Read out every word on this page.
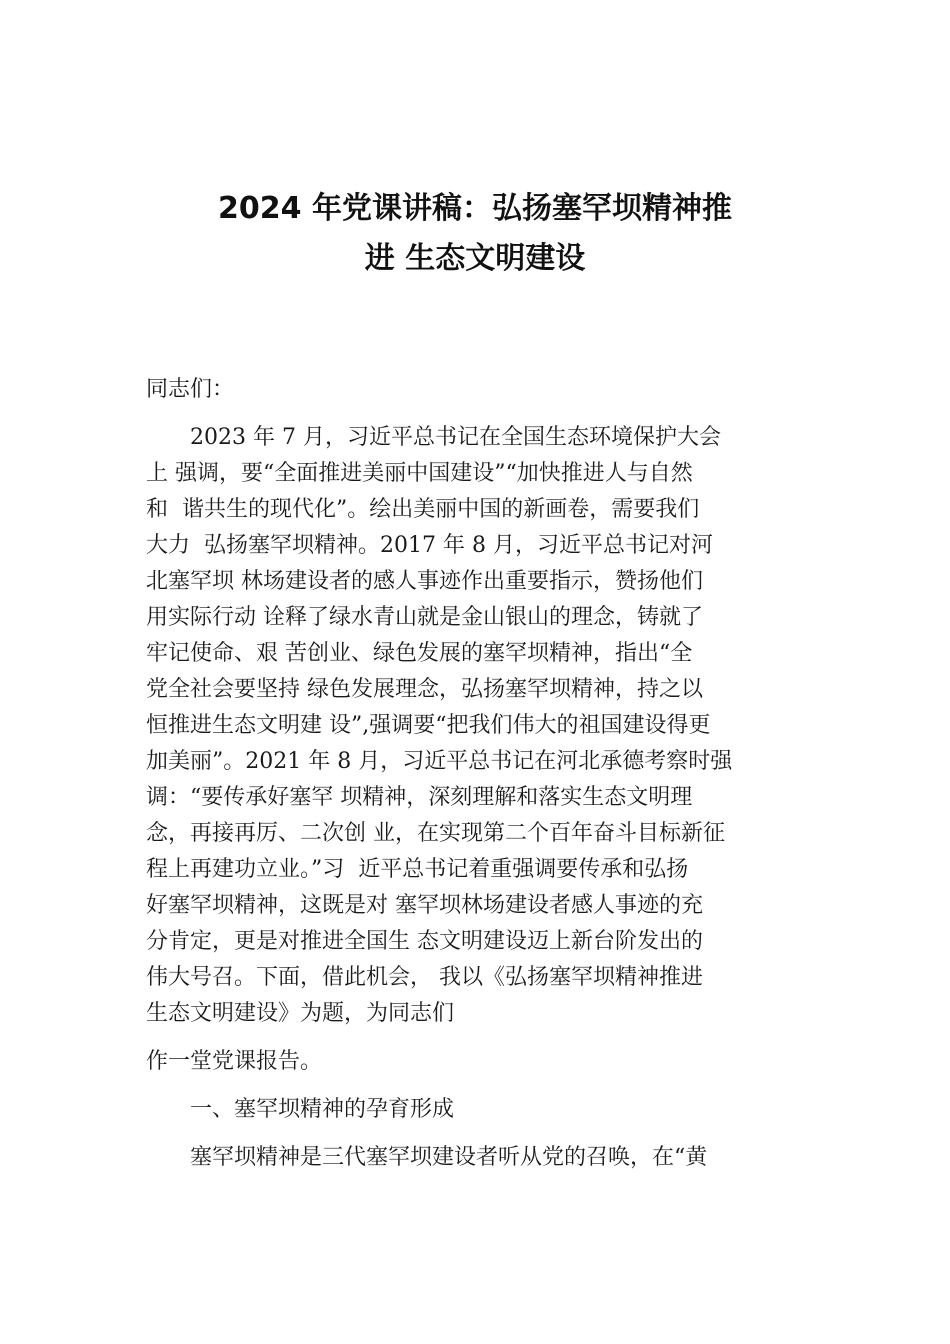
2024 年党课讲稿：弘扬塞罕坝精神推
进 生态文明建设

同志们：

　　2023 年 7 月，习近平总书记在全国生态环境保护大会

上 强调，要“全面推进美丽中国建设”“加快推进人与自然

和  谐共生的现代化”。绘出美丽中国的新画卷，需要我们

大力  弘扬塞罕坝精神。2017 年 8 月，习近平总书记对河

北塞罕坝 林场建设者的感人事迹作出重要指示，赞扬他们

用实际行动 诠释了绿水青山就是金山银山的理念，铸就了

牢记使命、艰 苦创业、绿色发展的塞罕坝精神，指出“全

党全社会要坚持 绿色发展理念，弘扬塞罕坝精神，持之以

恒推进生态文明建 设”,强调要“把我们伟大的祖国建设得更

加美丽”。2021 年 8 月，习近平总书记在河北承德考察时强

调：“要传承好塞罕 坝精神，深刻理解和落实生态文明理

念，再接再厉、二次创 业，在实现第二个百年奋斗目标新征

程上再建功立业。”习  近平总书记着重强调要传承和弘扬

好塞罕坝精神，这既是对 塞罕坝林场建设者感人事迹的充

分肯定，更是对推进全国生 态文明建设迈上新台阶发出的

伟大号召。下面，借此机会， 我以《弘扬塞罕坝精神推进

生态文明建设》为题，为同志们

作一堂党课报告。

　　一、塞罕坝精神的孕育形成

　　塞罕坝精神是三代塞罕坝建设者听从党的召唤，在“黄
